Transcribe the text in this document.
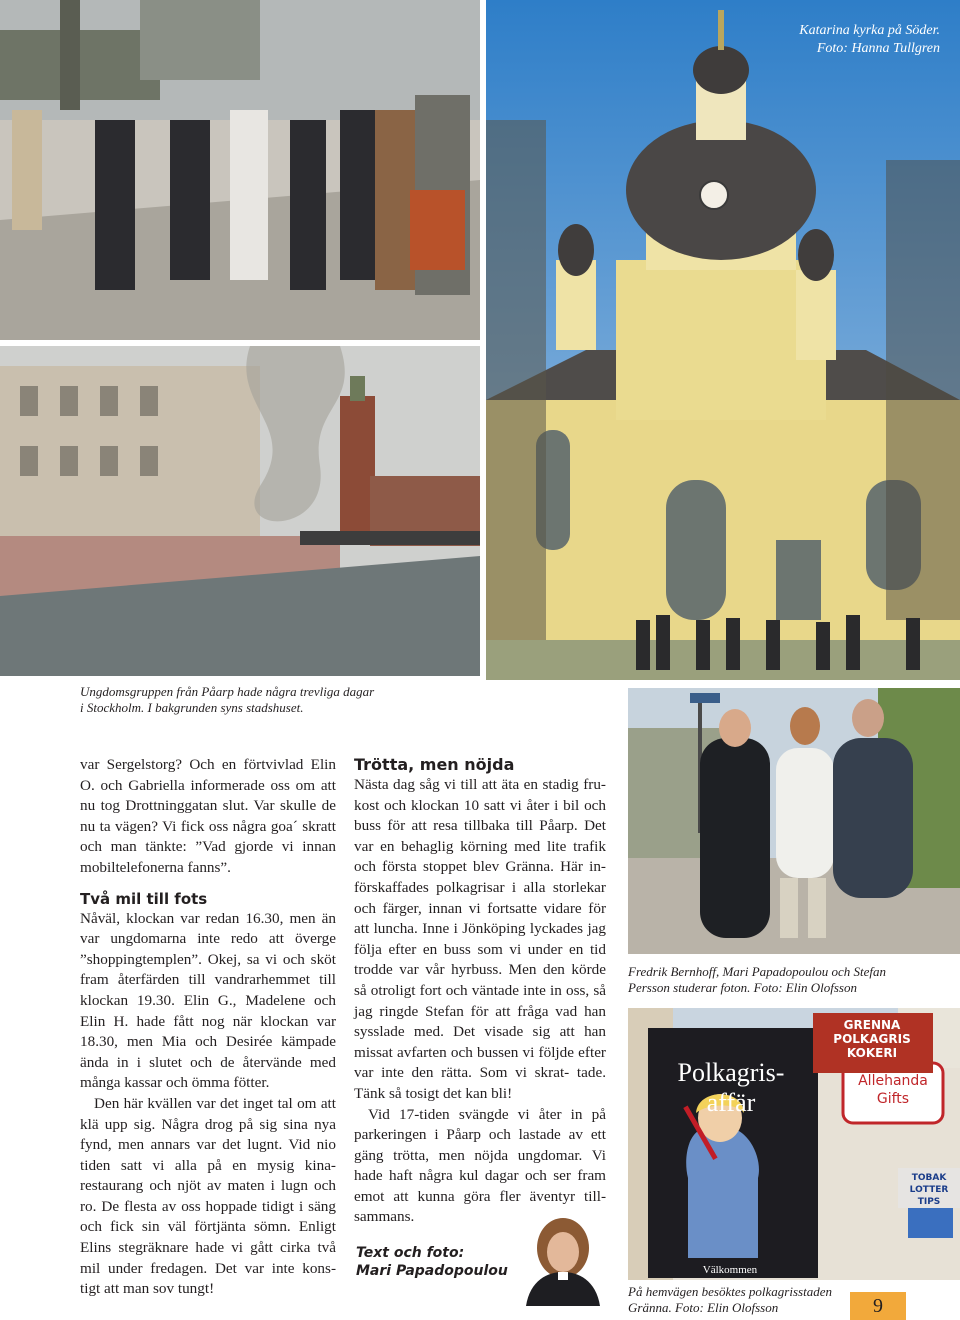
Katarina kyrka på Söder.
Foto: Hanna Tullgren
Ungdomsgruppen från Påarp hade några trevliga dagar
i Stockholm. I bakgrunden syns stadshuset.

var Sergelstorg? Och en förtvivlad Elin O. och Gabriella informerade oss om att nu tog Drottninggatan slut. Var skulle de nu ta vägen? Vi fick oss några goa´ skratt och man tänkte: ”Vad gjorde vi innan mobiltelefonerna fanns”.

Två mil till fots

Nåväl, klockan var redan 16.30, men än var ungdomarna inte redo att överge ”shoppingtemplen”. Okej, sa vi och sköt fram återfärden till vandrarhemmet till klockan 19.30. Elin G., Madelene och Elin H. hade fått nog när klockan var 18.30, men Mia och Desirée kämpade ända in i slutet och de återvände med många kassar och ömma fötter.

Den här kvällen var det inget tal om att klä upp sig. Några drog på sig sina nya fynd, men annars var det lugnt. Vid nio tiden satt vi alla på en mysig kina- restaurang och njöt av maten i lugn och ro. De flesta av oss hoppade tidigt i säng och fick sin väl förtjänta sömn. Enligt Elins stegräknare hade vi gått cirka två mil under fredagen. Det var inte kons- tigt att man sov tungt!

Trötta, men nöjda

Nästa dag såg vi till att äta en stadig fru- kost och klockan 10 satt vi åter i bil och buss för att resa tillbaka till Påarp. Det var en behaglig körning med lite trafik och första stoppet blev Gränna. Här in- förskaffades polkagrisar i alla storlekar och färger, innan vi fortsatte vidare för att luncha. Inne i Jönköping lyckades jag följa efter en buss som vi under en tid trodde var vår hyrbuss. Men den körde så otroligt fort och väntade inte in oss, så jag ringde Stefan för att fråga vad han sysslade med. Det visade sig att han missat avfarten och bussen vi följde efter var inte den rätta. Som vi skrat- tade. Tänk så tosigt det kan bli!

Vid 17-tiden svängde vi åter in på parkeringen i Påarp och lastade av ett gäng trötta, men nöjda ungdomar. Vi hade haft några kul dagar och ser fram emot att kunna göra fler äventyr till- sammans.

Text och foto:
Mari Papadopoulou
Fredrik Bernhoff, Mari Papadopoulou och Stefan
Persson studerar foton. Foto: Elin Olofsson
GRENNA
POLKAGRIS KOKERI
Polkagris-
affär
Allehanda
Gifts
TOBAK
LOTTER TIPS
Välkommen
På hemvägen besöktes polkagrisstaden
Gränna. Foto: Elin Olofsson	9
